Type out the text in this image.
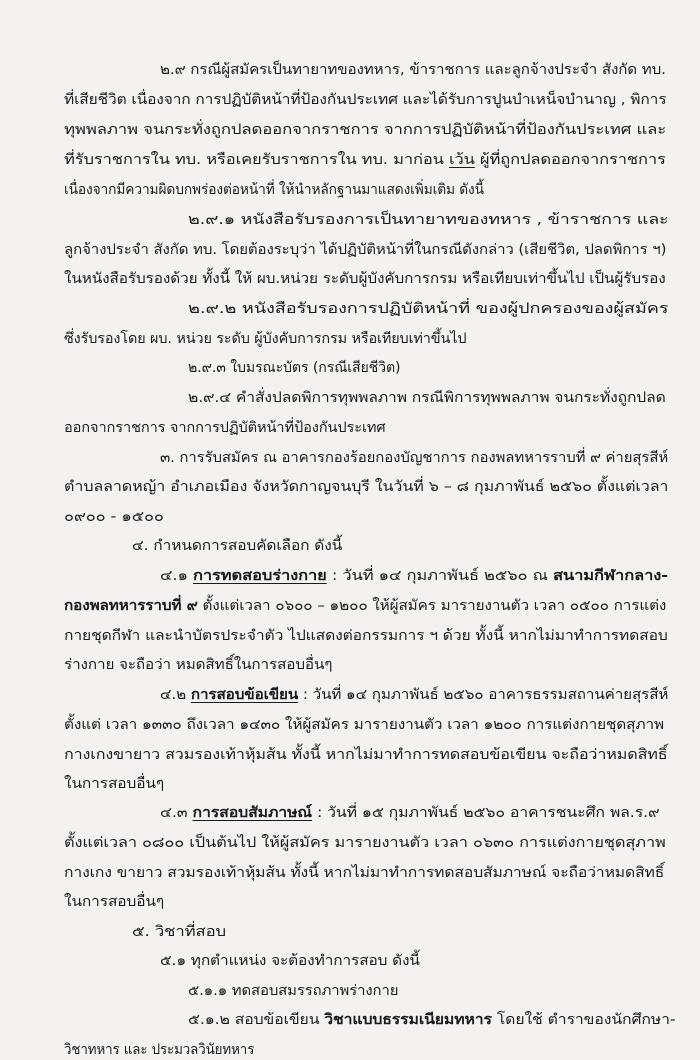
๒.๙ กรณีผู้สมัครเป็นทายาทของทหาร, ข้าราชการ และลูกจ้างประจำ สังกัด ทบ.
ที่เสียชีวิต เนื่องจาก การปฏิบัติหน้าที่ป้องกันประเทศ และได้รับการปูนบำเหน็จบำนาญ , พิการ
ทุพพลภาพ จนกระทั่งถูกปลดออกจากราชการ จากการปฏิบัติหน้าที่ป้องกันประเทศ และ
ที่รับราชการใน ทบ. หรือเคยรับราชการใน ทบ. มาก่อน เว้น ผู้ที่ถูกปลดออกจากราชการ
เนื่องจากมีความผิดบกพร่องต่อหน้าที่ ให้นำหลักฐานมาแสดงเพิ่มเติม ดังนี้
๒.๙.๑ หนังสือรับรองการเป็นทายาทของทหาร , ข้าราชการ และ
ลูกจ้างประจำ สังกัด ทบ. โดยต้องระบุว่า ได้ปฏิบัติหน้าที่ในกรณีดังกล่าว (เสียชีวิต, ปลดพิการ ฯ)
ในหนังสือรับรองด้วย ทั้งนี้ ให้ ผบ.หน่วย ระดับผู้บังคับการกรม หรือเทียบเท่าขึ้นไป เป็นผู้รับรอง
๒.๙.๒ หนังสือรับรองการปฏิบัติหน้าที่ ของผู้ปกครองของผู้สมัคร
ซึ่งรับรองโดย ผบ. หน่วย ระดับ ผู้บังคับการกรม หรือเทียบเท่าขึ้นไป
๒.๙.๓ ใบมรณะบัตร (กรณีเสียชีวิต)
๒.๙.๔ คำสั่งปลดพิการทุพพลภาพ กรณีพิการทุพพลภาพ จนกระทั่งถูกปลด
ออกจากราชการ จากการปฏิบัติหน้าที่ป้องกันประเทศ
๓. การรับสมัคร ณ อาคารกองร้อยกองบัญชาการ กองพลทหารราบที่ ๙ ค่ายสุรสีห์
ตำบลลาดหญ้า อำเภอเมือง จังหวัดกาญจนบุรี ในวันที่ ๖ – ๘ กุมภาพันธ์ ๒๕๖๐ ตั้งแต่เวลา
๐๙๐๐ - ๑๕๐๐
๔. กำหนดการสอบคัดเลือก ดังนี้
๔.๑ การทดสอบร่างกาย : วันที่ ๑๔ กุมภาพันธ์ ๒๕๖๐ ณ สนามกีฬากลาง-
กองพลทหารราบที่ ๙ ตั้งแต่เวลา ๐๖๐๐ – ๑๒๐๐ ให้ผู้สมัคร มารายงานตัว เวลา ๐๕๐๐ การแต่ง
กายชุดกีฬา และนำบัตรประจำตัว ไปแสดงต่อกรรมการ ฯ ด้วย ทั้งนี้ หากไม่มาทำการทดสอบ
ร่างกาย จะถือว่า หมดสิทธิ์ในการสอบอื่นๆ
๔.๒ การสอบข้อเขียน : วันที่ ๑๔ กุมภาพันธ์ ๒๕๖๐ อาคารธรรมสถานค่ายสุรสีห์
ตั้งแต่ เวลา ๑๓๓๐ ถึงเวลา ๑๔๓๐ ให้ผู้สมัคร มารายงานตัว เวลา ๑๒๐๐ การแต่งกายชุดสุภาพ
กางเกงขายาว สวมรองเท้าหุ้มส้น ทั้งนี้ หากไม่มาทำการทดสอบข้อเขียน จะถือว่าหมดสิทธิ์
ในการสอบอื่นๆ
๔.๓ การสอบสัมภาษณ์ : วันที่ ๑๕ กุมภาพันธ์ ๒๕๖๐ อาคารชนะศึก พล.ร.๙
ตั้งแต่เวลา ๐๘๐๐ เป็นต้นไป ให้ผู้สมัคร มารายงานตัว เวลา ๐๖๓๐ การแต่งกายชุดสุภาพ
กางเกง ขายาว สวมรองเท้าหุ้มส้น ทั้งนี้ หากไม่มาทำการทดสอบสัมภาษณ์ จะถือว่าหมดสิทธิ์
ในการสอบอื่นๆ
๕. วิชาที่สอบ
๕.๑ ทุกตำแหน่ง จะต้องทำการสอบ ดังนี้
๕.๑.๑ ทดสอบสมรรถภาพร่างกาย
๕.๑.๒ สอบข้อเขียน วิชาแบบธรรมเนียมทหาร โดยใช้ ตำราของนักศึกษา-
วิชาทหาร และ ประมวลวินัยทหาร
